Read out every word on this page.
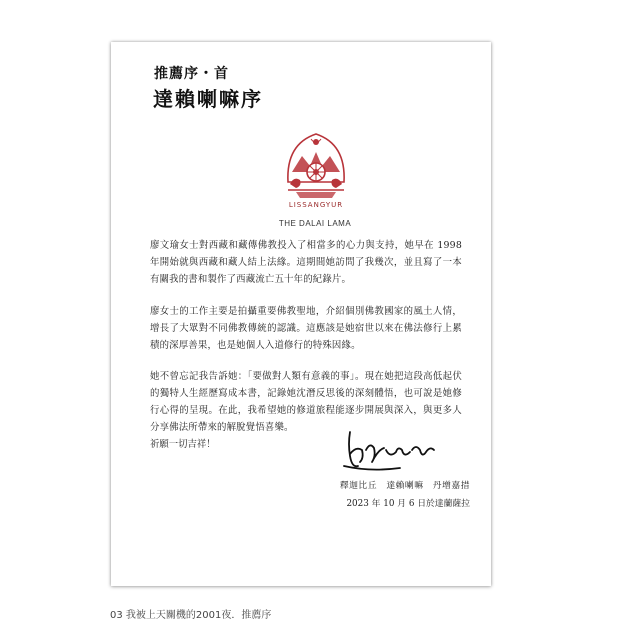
推薦序・首
達賴喇嘛序
LISSANGYUR
THE DALAI LAMA
廖文瑜女士對西藏和藏傳佛教投入了相當多的心力與支持，她早在 1998 年開始就與西藏和藏人結上法緣。這期間她訪問了我幾次，並且寫了一本有關我的書和製作了西藏流亡五十年的紀錄片。
廖女士的工作主要是拍攝重要佛教聖地，介紹個別佛教國家的風土人情，增長了大眾對不同佛教傳統的認識。這應該是她宿世以來在佛法修行上累積的深厚善果，也是她個人入道修行的特殊因緣。
她不曾忘記我告訴她：「要做對人類有意義的事」。現在她把這段高低起伏的獨特人生經歷寫成本書，記錄她沈潛反思後的深刻體悟，也可說是她修行心得的呈現。在此，我希望她的修道旅程能逐步開展與深入，與更多人分享佛法所帶來的解脫覺悟喜樂。
祈願一切吉祥！
釋迦比丘　達賴喇嘛　丹增嘉措
2023 年 10 月 6 日於達蘭薩拉
03 我被上天關機的2001夜．推薦序
